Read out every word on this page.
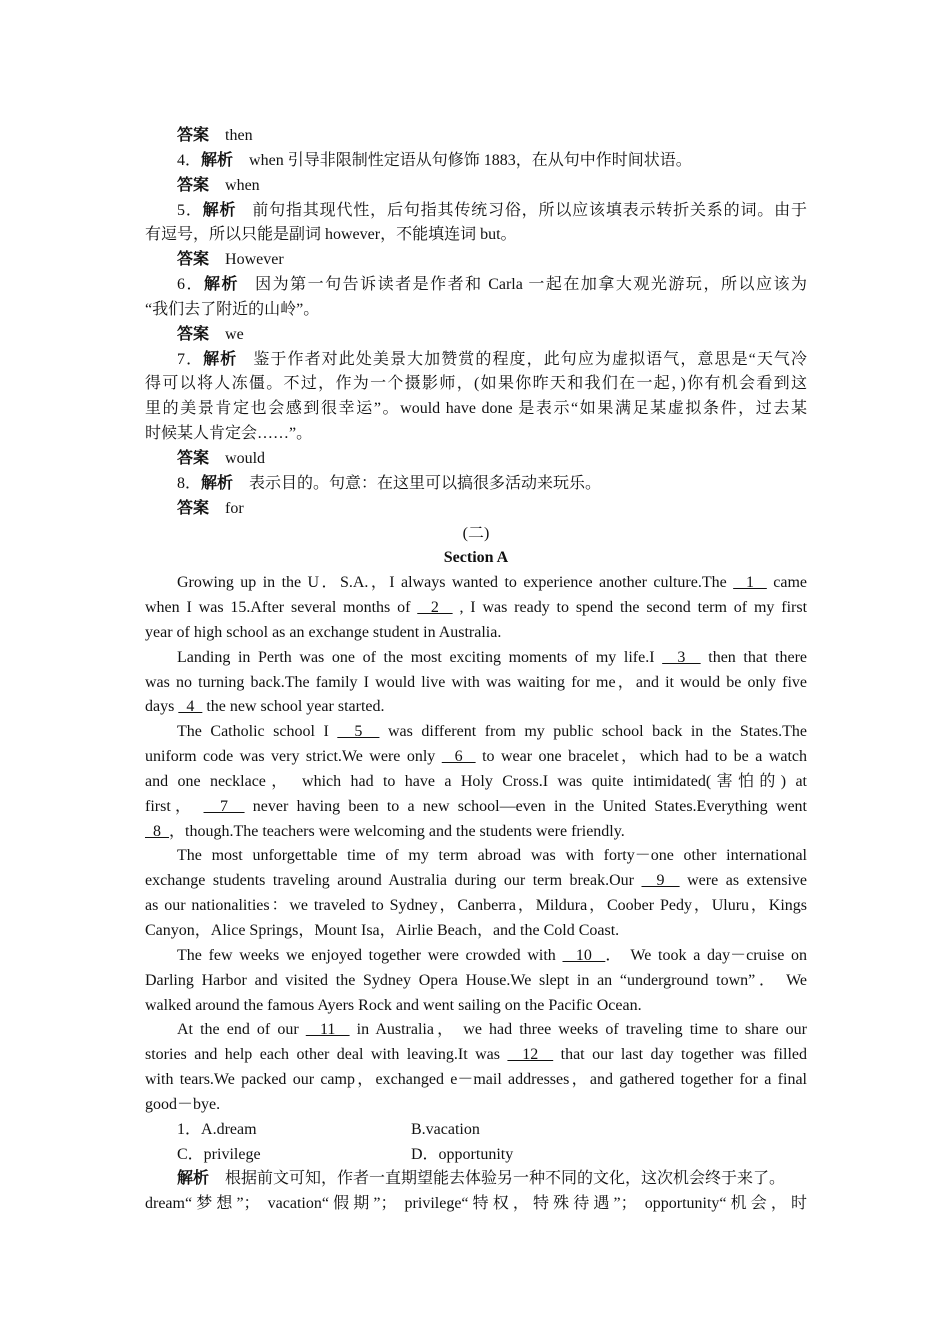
答案 then
4．解析 when 引导非限制性定语从句修饰 1883，在从句中作时间状语。
答案 when
5．解析 前句指其现代性，后句指其传统习俗，所以应该填表示转折关系的词。由于
有逗号，所以只能是副词 however，不能填连词 but。
答案 However
6．解析 因为第一句告诉读者是作者和 Carla 一起在加拿大观光游玩，所以应该为
“我们去了附近的山岭”。
答案 we
7．解析 鉴于作者对此处美景大加赞赏的程度，此句应为虚拟语气，意思是“天气冷
得可以将人冻僵。不过，作为一个摄影师，(如果你昨天和我们在一起，)你有机会看到这
里的美景肯定也会感到很幸运”。would have done 是表示“如果满足某虚拟条件，过去某
时候某人肯定会……”。
答案 would
8．解析 表示目的。句意：在这里可以搞很多活动来玩乐。
答案 for
(二)
Section A
Growing up in the U．S.A.，I always wanted to experience another culture.The   1   came
when I was 15.After several months of   2   , I was ready to spend the second term of my first
year of high school as an exchange student in Australia.
Landing in Perth was one of the most exciting moments of my life.I   3   then that there
was no turning back.The family I would live with was waiting for me，and it would be only five
days   4   the new school year started.
The Catholic school I   5   was different from my public school back in the States.The
uniform code was very strict.We were only   6   to wear one bracelet，which had to be a watch
and one necklace， which had to have a Holy Cross.I was quite intimidated(害怕的) at
first，   7   never having been to a new school—even in the United States.Everything went
8  ，though.The teachers were welcoming and the students were friendly.
The most unforgettable time of my term abroad was with forty－one other international
exchange students traveling around Australia during our term break.Our   9   were as extensive
as our nationalities：we traveled to Sydney，Canberra，Mildura，Coober Pedy，Uluru，Kings
Canyon，Alice Springs，Mount Isa，Airlie Beach，and the Cold Coast.
The few weeks we enjoyed together were crowded with   10  ． We took a day－cruise on
Darling Harbor and visited the Sydney Opera House.We slept in an “underground town”． We
walked around the famous Ayers Rock and went sailing on the Pacific Ocean.
At the end of our   11   in Australia， we had three weeks of traveling time to share our
stories and help each other deal with leaving.It was   12   that our last day together was filled
with tears.We packed our camp，exchanged e－mail addresses，and gathered together for a final
good－bye.
1．A.dream	B.vacation
C．privilege	D．opportunity
解析 根据前文可知，作者一直期望能去体验另一种不同的文化，这次机会终于来了。
dream“梦想”； vacation“假期”； privilege“特权，特殊待遇”； opportunity“机会，时
